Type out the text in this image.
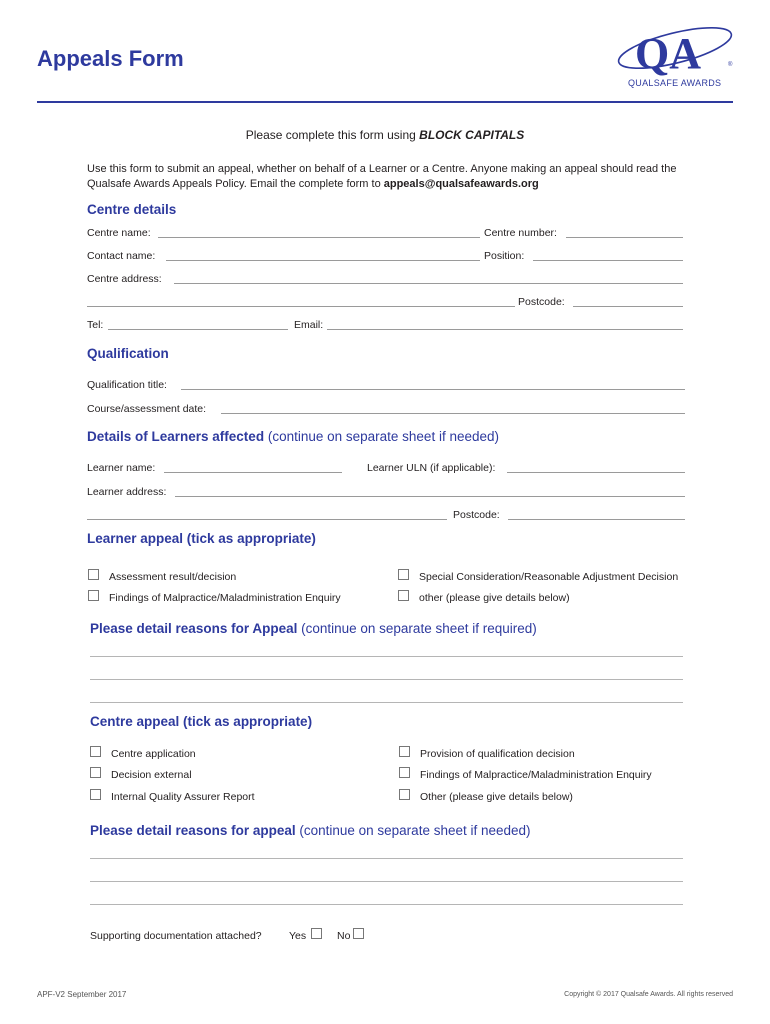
Appeals Form	QA	®
QUALSAFE AWARDS
Please complete this form using BLOCK CAPITALS
Use this form to submit an appeal, whether on behalf of a Learner or a Centre. Anyone making an appeal should read the Qualsafe Awards Appeals Policy. Email the complete form to appeals@qualsafeawards.org
Centre details
Centre name:	Centre number:
Contact name:	Position:
Centre address:
Postcode:
Tel:	Email:
Qualification
Qualification title:
Course/assessment date:
Details of Learners affected (continue on separate sheet if needed)
Learner name:	Learner ULN (if applicable):
Learner address:
Postcode:
Learner appeal (tick as appropriate)
Assessment result/decision	Special Consideration/Reasonable Adjustment Decision
Findings of Malpractice/Maladministration Enquiry	other (please give details below)
Please detail reasons for Appeal (continue on separate sheet if required)
Centre appeal (tick as appropriate)
Centre application	Provision of qualification decision
Decision external	Findings of Malpractice/Maladministration Enquiry
Internal Quality Assurer Report	Other (please give details below)
Please detail reasons for appeal (continue on separate sheet if needed)
Supporting documentation attached?	Yes	No
APF-V2 September 2017	Copyright © 2017 Qualsafe Awards. All rights reserved
